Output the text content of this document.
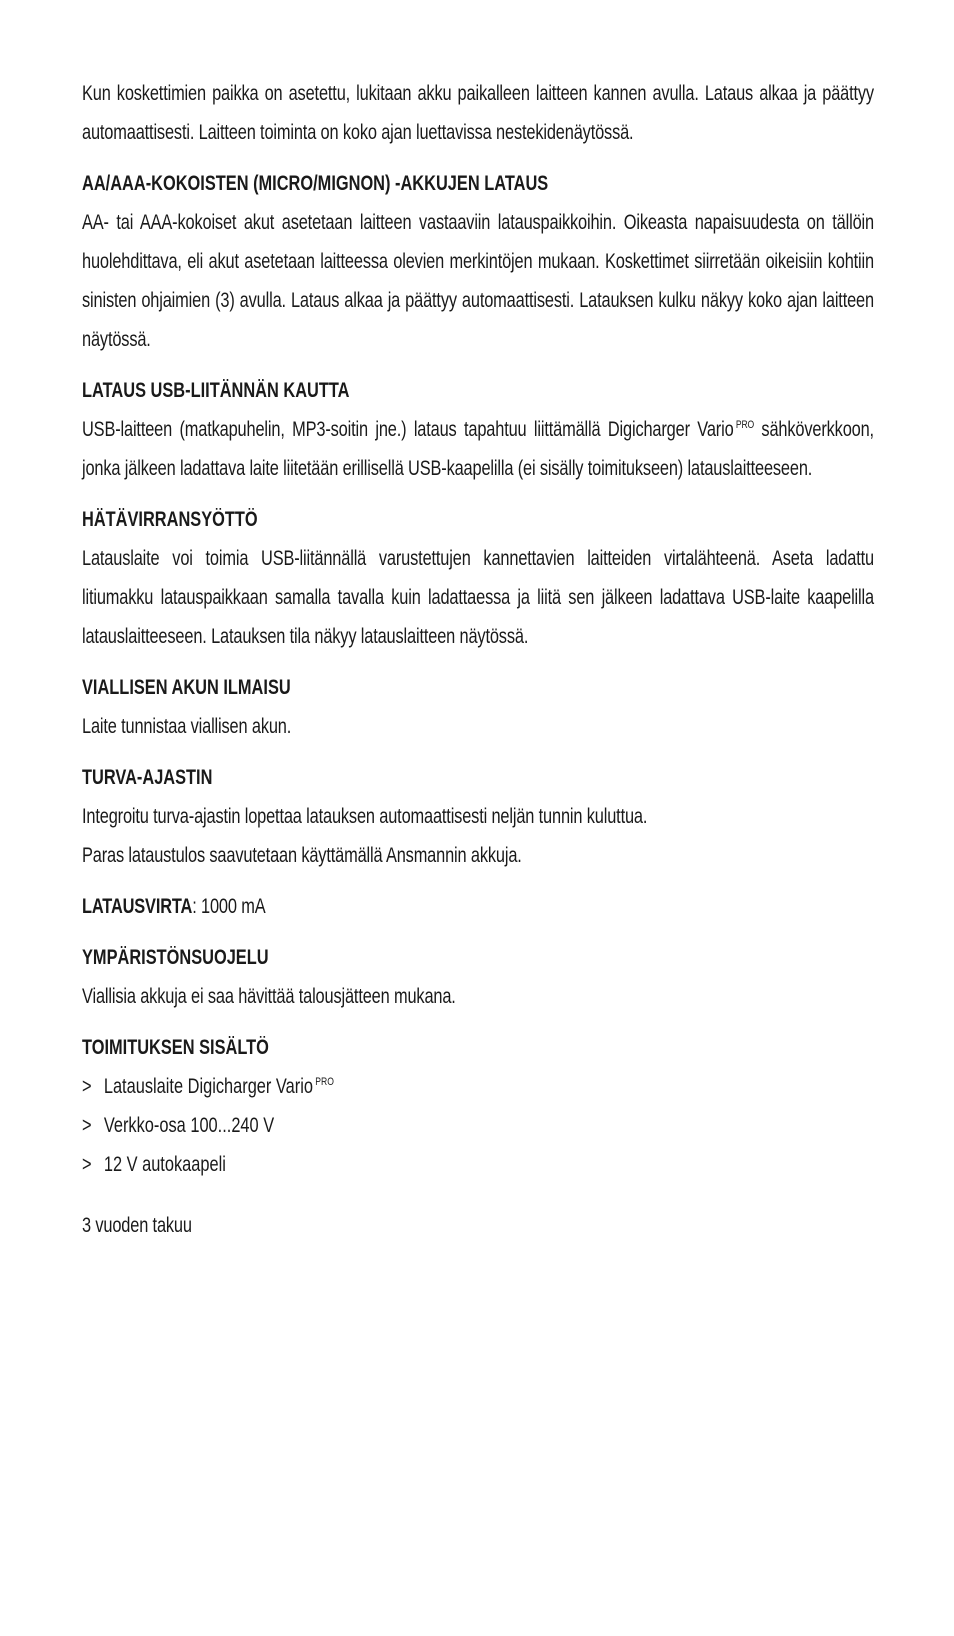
Kun koskettimien paikka on asetettu, lukitaan akku paikalleen laitteen kannen avulla. Lataus alkaa ja päättyy automaattisesti. Laitteen toiminta on koko ajan luettavissa nestekidenäytössä.

AA/AAA-KOKOISTEN (MICRO/MIGNON) -AKKUJEN LATAUS

AA- tai AAA-kokoiset akut asetetaan laitteen vastaaviin latauspaikkoihin. Oikeasta napaisuudesta on tällöin huolehdittava, eli akut asetetaan laitteessa olevien merkintöjen mukaan. Koskettimet siirretään oikeisiin kohtiin sinisten ohjaimien (3) avulla. Lataus alkaa ja päättyy automaattisesti. Latauksen kulku näkyy koko ajan laitteen näytössä.

LATAUS USB-LIITÄNNÄN KAUTTA

USB-laitteen (matkapuhelin, MP3-soitin jne.) lataus tapahtuu liittämällä Digicharger Vario $^{PRO}$ sähköverkkoon, jonka jälkeen ladattava laite liitetään erillisellä USB-kaapelilla (ei sisälly toimitukseen) latauslaitteeseen.

HÄTÄVIRRANSYÖTTÖ

Latauslaite voi toimia USB-liitännällä varustettujen kannettavien laitteiden virtalähteenä. Aseta ladattu litiumakku latauspaikkaan samalla tavalla kuin ladattaessa ja liitä sen jälkeen ladattava USB-laite kaapelilla latauslaitteeseen. Latauksen tila näkyy latauslaitteen näytössä.

VIALLISEN AKUN ILMAISU

Laite tunnistaa viallisen akun.

TURVA-AJASTIN

Integroitu turva-ajastin lopettaa latauksen automaattisesti neljän tunnin kuluttua.

Paras lataustulos saavutetaan käyttämällä Ansmannin akkuja.

LATAUSVIRTA: 1000 mA

YMPÄRISTÖNSUOJELU

Viallisia akkuja ei saa hävittää talousjätteen mukana.

TOIMITUKSEN SISÄLTÖ
> Latauslaite Digicharger Vario $^{PRO}$
> Verkko-osa 100...240 V
> 12 V autokaapeli

3 vuoden takuu
